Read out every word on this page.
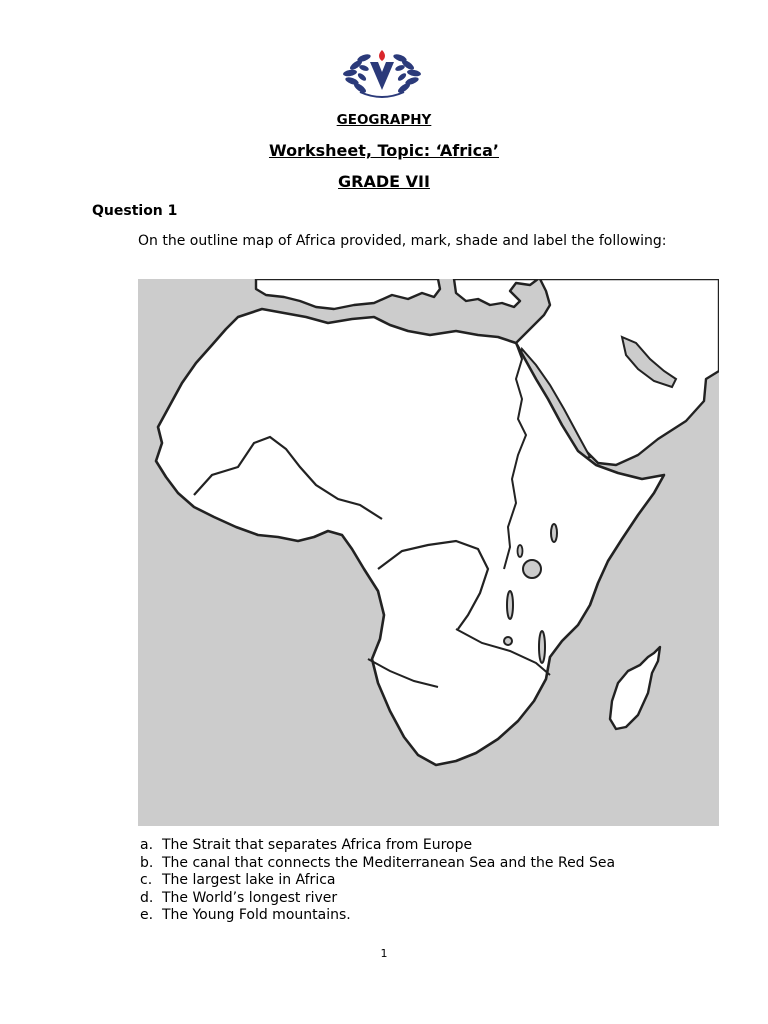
GEOGRAPHY
Worksheet, Topic: ‘Africa’
GRADE VII
Question 1
On the outline map of Africa provided, mark, shade and label the following:
a. The Strait that separates Africa from Europe
b. The canal that connects the Mediterranean Sea and the Red Sea
c. The largest lake in Africa
d. The World’s longest river
e. The Young Fold mountains.
1
